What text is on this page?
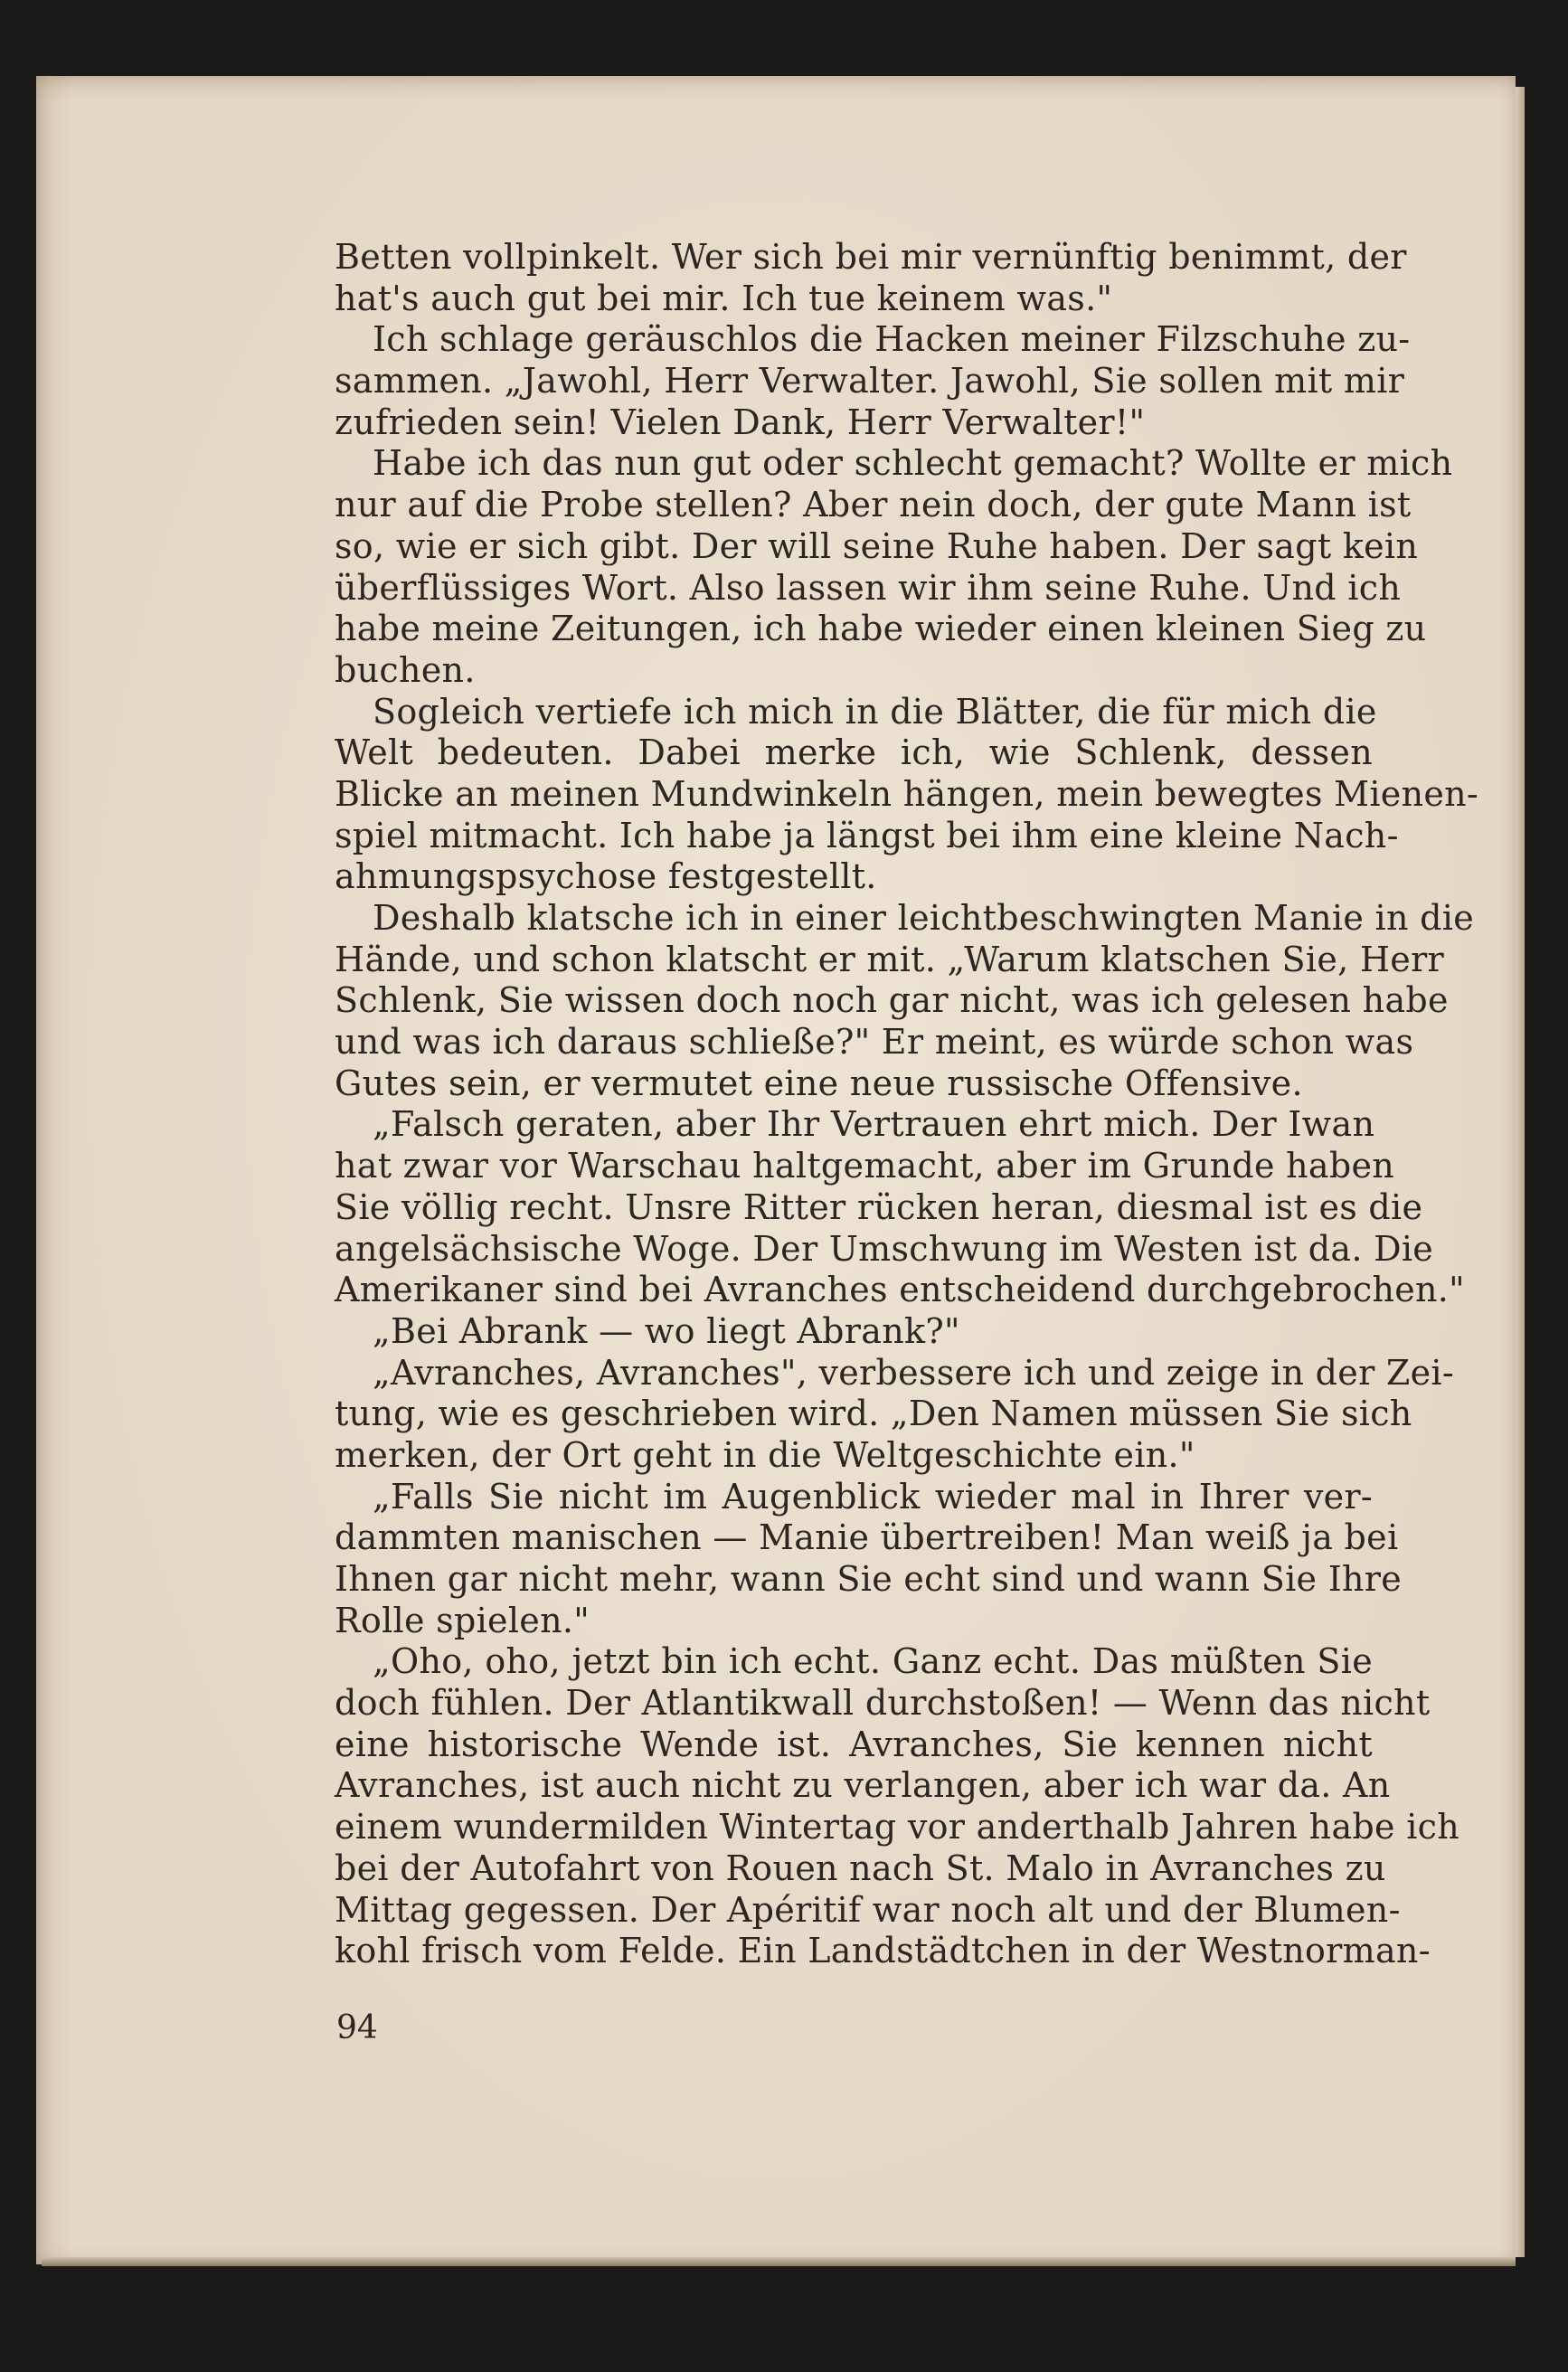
Betten vollpinkelt. Wer sich bei mir vernünftig benimmt, der
hat's auch gut bei mir. Ich tue keinem was."
Ich schlage geräuschlos die Hacken meiner Filzschuhe zu-
sammen. „Jawohl, Herr Verwalter. Jawohl, Sie sollen mit mir
zufrieden sein! Vielen Dank, Herr Verwalter!"
Habe ich das nun gut oder schlecht gemacht? Wollte er mich
nur auf die Probe stellen? Aber nein doch, der gute Mann ist
so, wie er sich gibt. Der will seine Ruhe haben. Der sagt kein
überflüssiges Wort. Also lassen wir ihm seine Ruhe. Und ich
habe meine Zeitungen, ich habe wieder einen kleinen Sieg zu
buchen.
Sogleich vertiefe ich mich in die Blätter, die für mich die
Welt bedeuten. Dabei merke ich, wie Schlenk, dessen
Blicke an meinen Mundwinkeln hängen, mein bewegtes Mienen-
spiel mitmacht. Ich habe ja längst bei ihm eine kleine Nach-
ahmungspsychose festgestellt.
Deshalb klatsche ich in einer leichtbeschwingten Manie in die
Hände, und schon klatscht er mit. „Warum klatschen Sie, Herr
Schlenk, Sie wissen doch noch gar nicht, was ich gelesen habe
und was ich daraus schließe?" Er meint, es würde schon was
Gutes sein, er vermutet eine neue russische Offensive.
„Falsch geraten, aber Ihr Vertrauen ehrt mich. Der Iwan
hat zwar vor Warschau haltgemacht, aber im Grunde haben
Sie völlig recht. Unsre Ritter rücken heran, diesmal ist es die
angelsächsische Woge. Der Umschwung im Westen ist da. Die
Amerikaner sind bei Avranches entscheidend durchgebrochen."
„Bei Abrank — wo liegt Abrank?"
„Avranches, Avranches", verbessere ich und zeige in der Zei-
tung, wie es geschrieben wird. „Den Namen müssen Sie sich
merken, der Ort geht in die Weltgeschichte ein."
„Falls Sie nicht im Augenblick wieder mal in Ihrer ver-
dammten manischen — Manie übertreiben! Man weiß ja bei
Ihnen gar nicht mehr, wann Sie echt sind und wann Sie Ihre
Rolle spielen."
„Oho, oho, jetzt bin ich echt. Ganz echt. Das müßten Sie
doch fühlen. Der Atlantikwall durchstoßen! — Wenn das nicht
eine historische Wende ist. Avranches, Sie kennen nicht
Avranches, ist auch nicht zu verlangen, aber ich war da. An
einem wundermilden Wintertag vor anderthalb Jahren habe ich
bei der Autofahrt von Rouen nach St. Malo in Avranches zu
Mittag gegessen. Der Apéritif war noch alt und der Blumen-
kohl frisch vom Felde. Ein Landstädtchen in der Westnorman-

94
